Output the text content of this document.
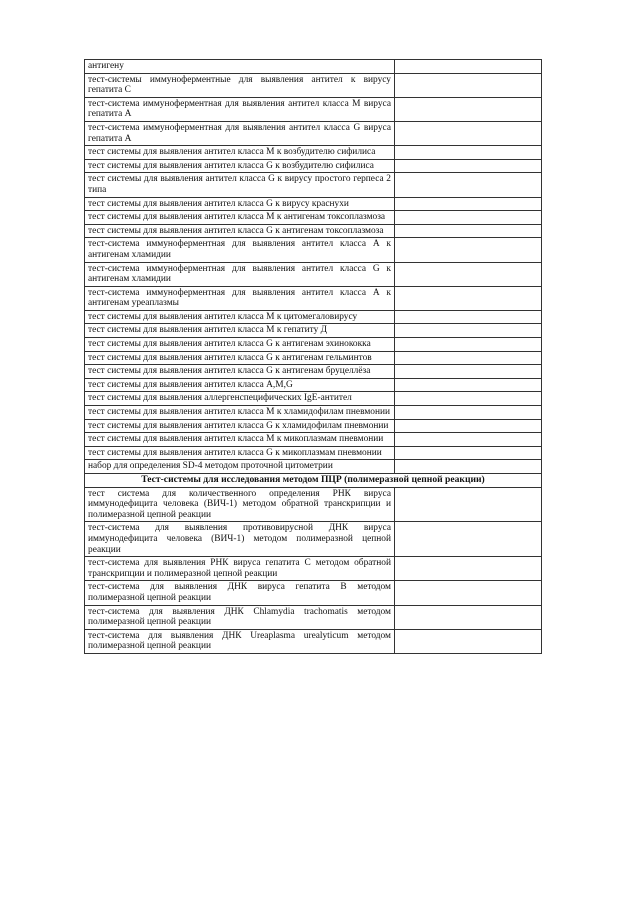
антигену	
тест-системы иммуноферментные для выявления антител к вирусу гепатита С	
тест-система иммуноферментная для выявления антител класса М вируса гепатита А	
тест-система иммуноферментная для выявления антител класса G вируса гепатита А	
тест системы для выявления антител класса М к возбудителю сифилиса	
тест системы для выявления антител класса G к возбудителю сифилиса	
тест системы для выявления антител класса G к вирусу простого герпеса 2 типа	
тест системы для выявления антител класса G к вирусу краснухи	
тест системы для выявления антител класса М к антигенам токсоплазмоза	
тест системы для выявления антител класса G к антигенам токсоплазмоза	
тест-система иммуноферментная для выявления антител класса А к антигенам хламидии	
тест-система иммуноферментная для выявления антител класса G к антигенам хламидии	
тест-система иммуноферментная для выявления антител класса А к антигенам уреаплазмы	
тест системы для выявления антител класса М к цитомегаловирусу	
тест системы для выявления антител класса М к гепатиту Д	
тест системы для выявления антител класса G к антигенам эхинококка	
тест системы для выявления антител класса G к антигенам гельминтов	
тест системы для выявления антител класса G к антигенам бруцеллёза	
тест системы для выявления антител класса А,М,G	
тест системы для выявления аллергенспецифических IgE-антител	
тест системы для выявления антител класса М к хламидофилам пневмонии	
тест системы для выявления антител класса G к хламидофилам пневмонии	
тест системы для выявления антител класса М к микоплазмам пневмонии	
тест системы для выявления антител класса G к микоплазмам пневмонии	
набор для определения SD-4 методом проточной цитометрии	
Тест-системы для исследования методом ПЦР (полимеразной цепной реакции)	
тест система для количественного определения РНК вируса иммунодефицита человека (ВИЧ-1) методом обратной транскрипции и полимеразной цепной реакции	
тест-система для выявления противовирусной ДНК вируса иммунодефицита человека (ВИЧ-1) методом полимеразной цепной реакции	
тест-система для выявления РНК вируса гепатита С методом обратной транскрипции и полимеразной цепной реакции	
тест-система для выявления ДНК вируса гепатита В методом полимеразной цепной реакции	
тест-система для выявления ДНК Chlamydia trachomatis методом полимеразной цепной реакции	
тест-система для выявления ДНК Ureaplasma urealyticum методом полимеразной цепной реакции	
